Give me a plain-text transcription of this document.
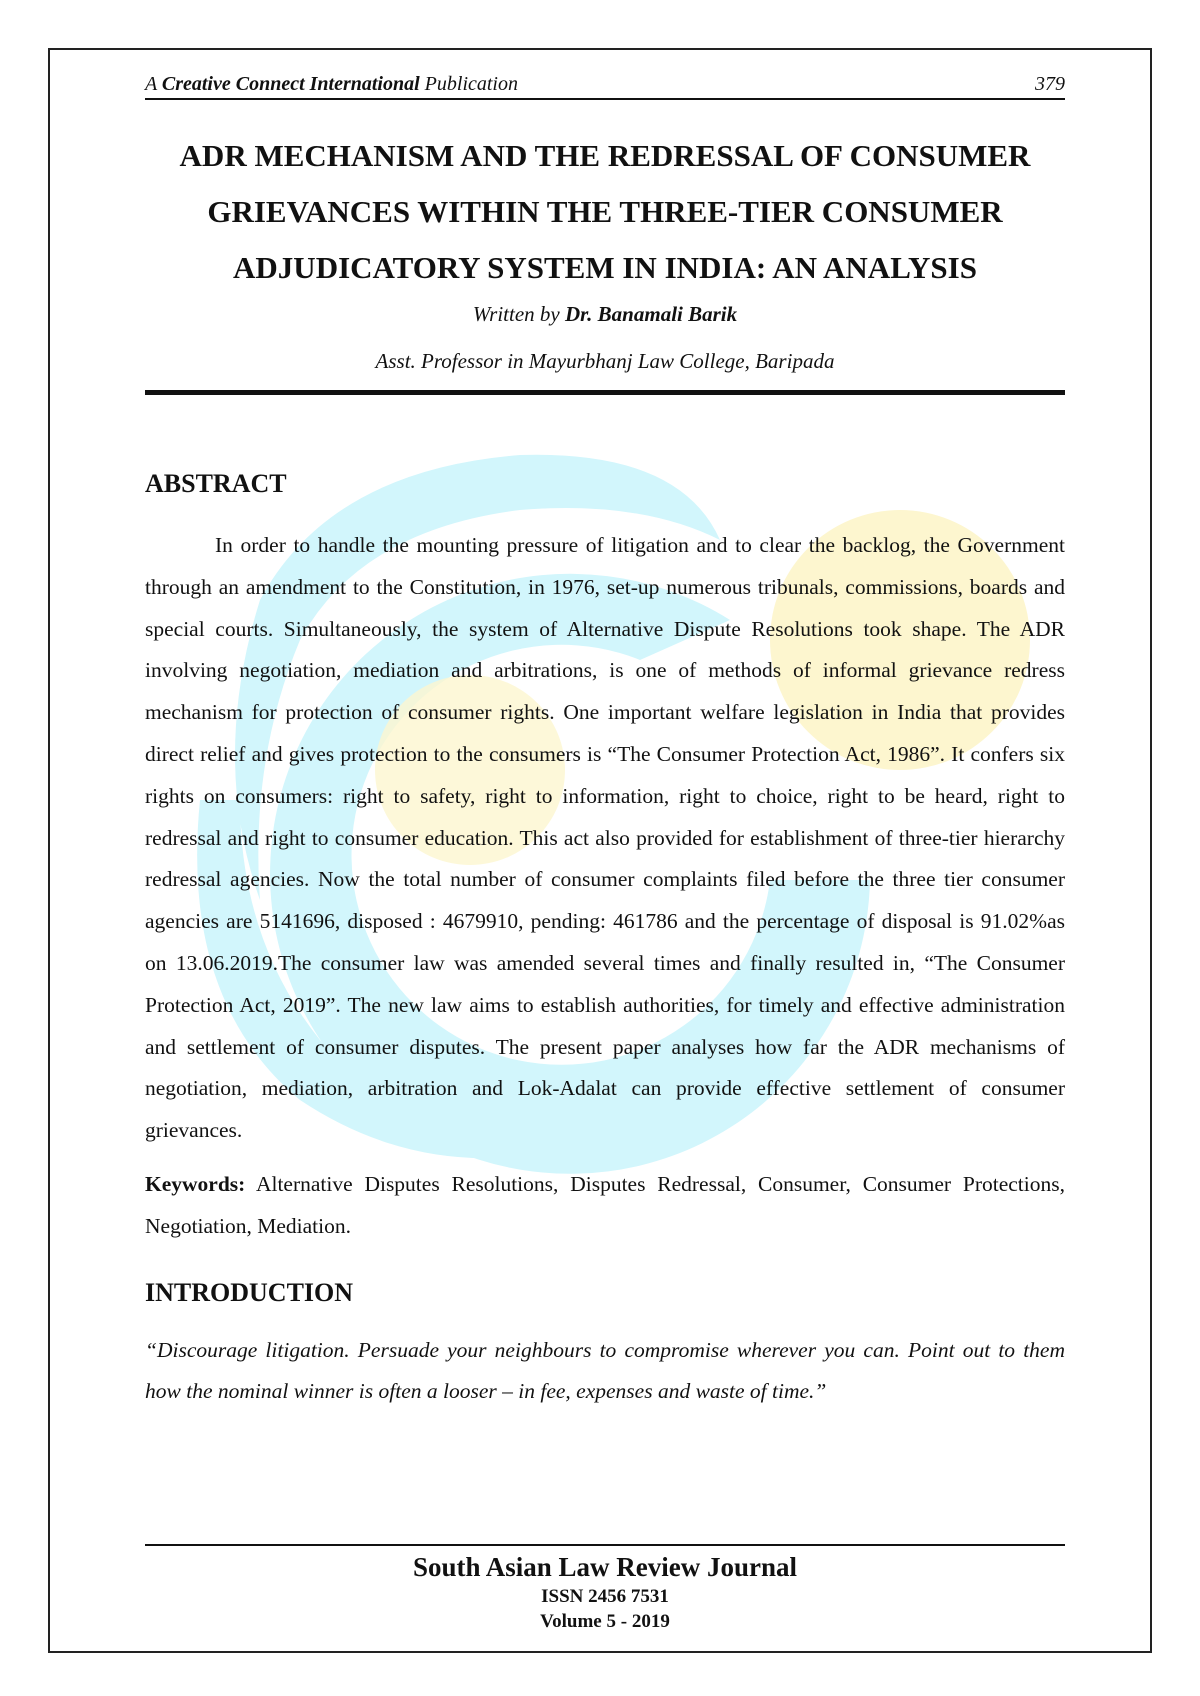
A Creative Connect International Publication	379
ADR MECHANISM AND THE REDRESSAL OF CONSUMER
GRIEVANCES WITHIN THE THREE-TIER CONSUMER
ADJUDICATORY SYSTEM IN INDIA: AN ANALYSIS
Written by Dr. Banamali Barik
Asst. Professor in Mayurbhanj Law College, Baripada
ABSTRACT

In order to handle the mounting pressure of litigation and to clear the backlog, the Government through an amendment to the Constitution, in 1976, set-up numerous tribunals, commissions, boards and special courts. Simultaneously, the system of Alternative Dispute Resolutions took shape. The ADR involving negotiation, mediation and arbitrations, is one of methods of informal grievance redress mechanism for protection of consumer rights. One important welfare legislation in India that provides direct relief and gives protection to the consumers is “The Consumer Protection Act, 1986”. It confers six rights on consumers: right to safety, right to information, right to choice, right to be heard, right to redressal and right to consumer education. This act also provided for establishment of three-tier hierarchy redressal agencies. Now the total number of consumer complaints filed before the three tier consumer agencies are 5141696, disposed : 4679910, pending: 461786 and the percentage of disposal is 91.02%as on 13.06.2019.The consumer law was amended several times and finally resulted in, “The Consumer Protection Act, 2019”. The new law aims to establish authorities, for timely and effective administration and settlement of consumer disputes. The present paper analyses how far the ADR mechanisms of negotiation, mediation, arbitration and Lok-Adalat can provide effective settlement of consumer grievances.

Keywords: Alternative Disputes Resolutions, Disputes Redressal, Consumer, Consumer Protections, Negotiation, Mediation.

INTRODUCTION

“Discourage litigation. Persuade your neighbours to compromise wherever you can. Point out to them how the nominal winner is often a looser – in fee, expenses and waste of time.”

South Asian Law Review Journal
ISSN 2456 7531
Volume 5 - 2019
